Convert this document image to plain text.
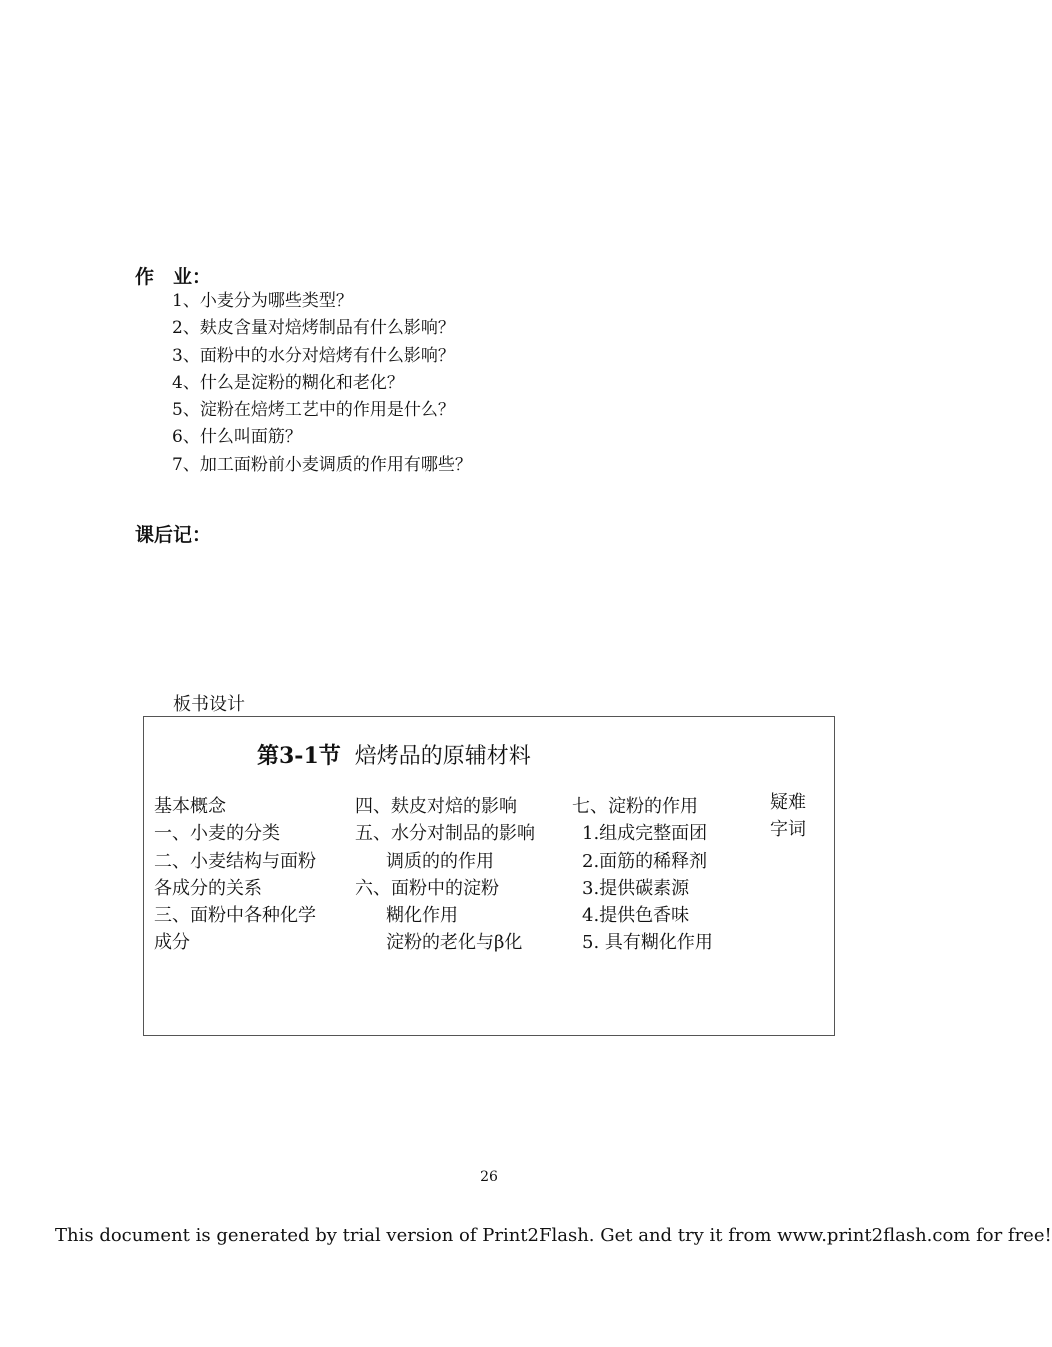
作　业：
1、小麦分为哪些类型？
2、麸皮含量对焙烤制品有什么影响？
3、面粉中的水分对焙烤有什么影响？
4、什么是淀粉的糊化和老化？
5、淀粉在焙烤工艺中的作用是什么？
6、什么叫面筋？
7、加工面粉前小麦调质的作用有哪些？
课后记：
板书设计
第3-1节 焙烤品的原辅材料
基本概念
一、小麦的分类
二、小麦结构与面粉
各成分的关系
三、面粉中各种化学
成分
四、麸皮对焙的影响
五、水分对制品的影响
调质的的作用
六、面粉中的淀粉
糊化作用
淀粉的老化与β化
七、淀粉的作用
1.组成完整面团
2.面筋的稀释剂
3.提供碳素源
4.提供色香味
5. 具有糊化作用
疑难
字词
26
This document is generated by trial version of Print2Flash. Get and try it from www.print2flash.com for free!
